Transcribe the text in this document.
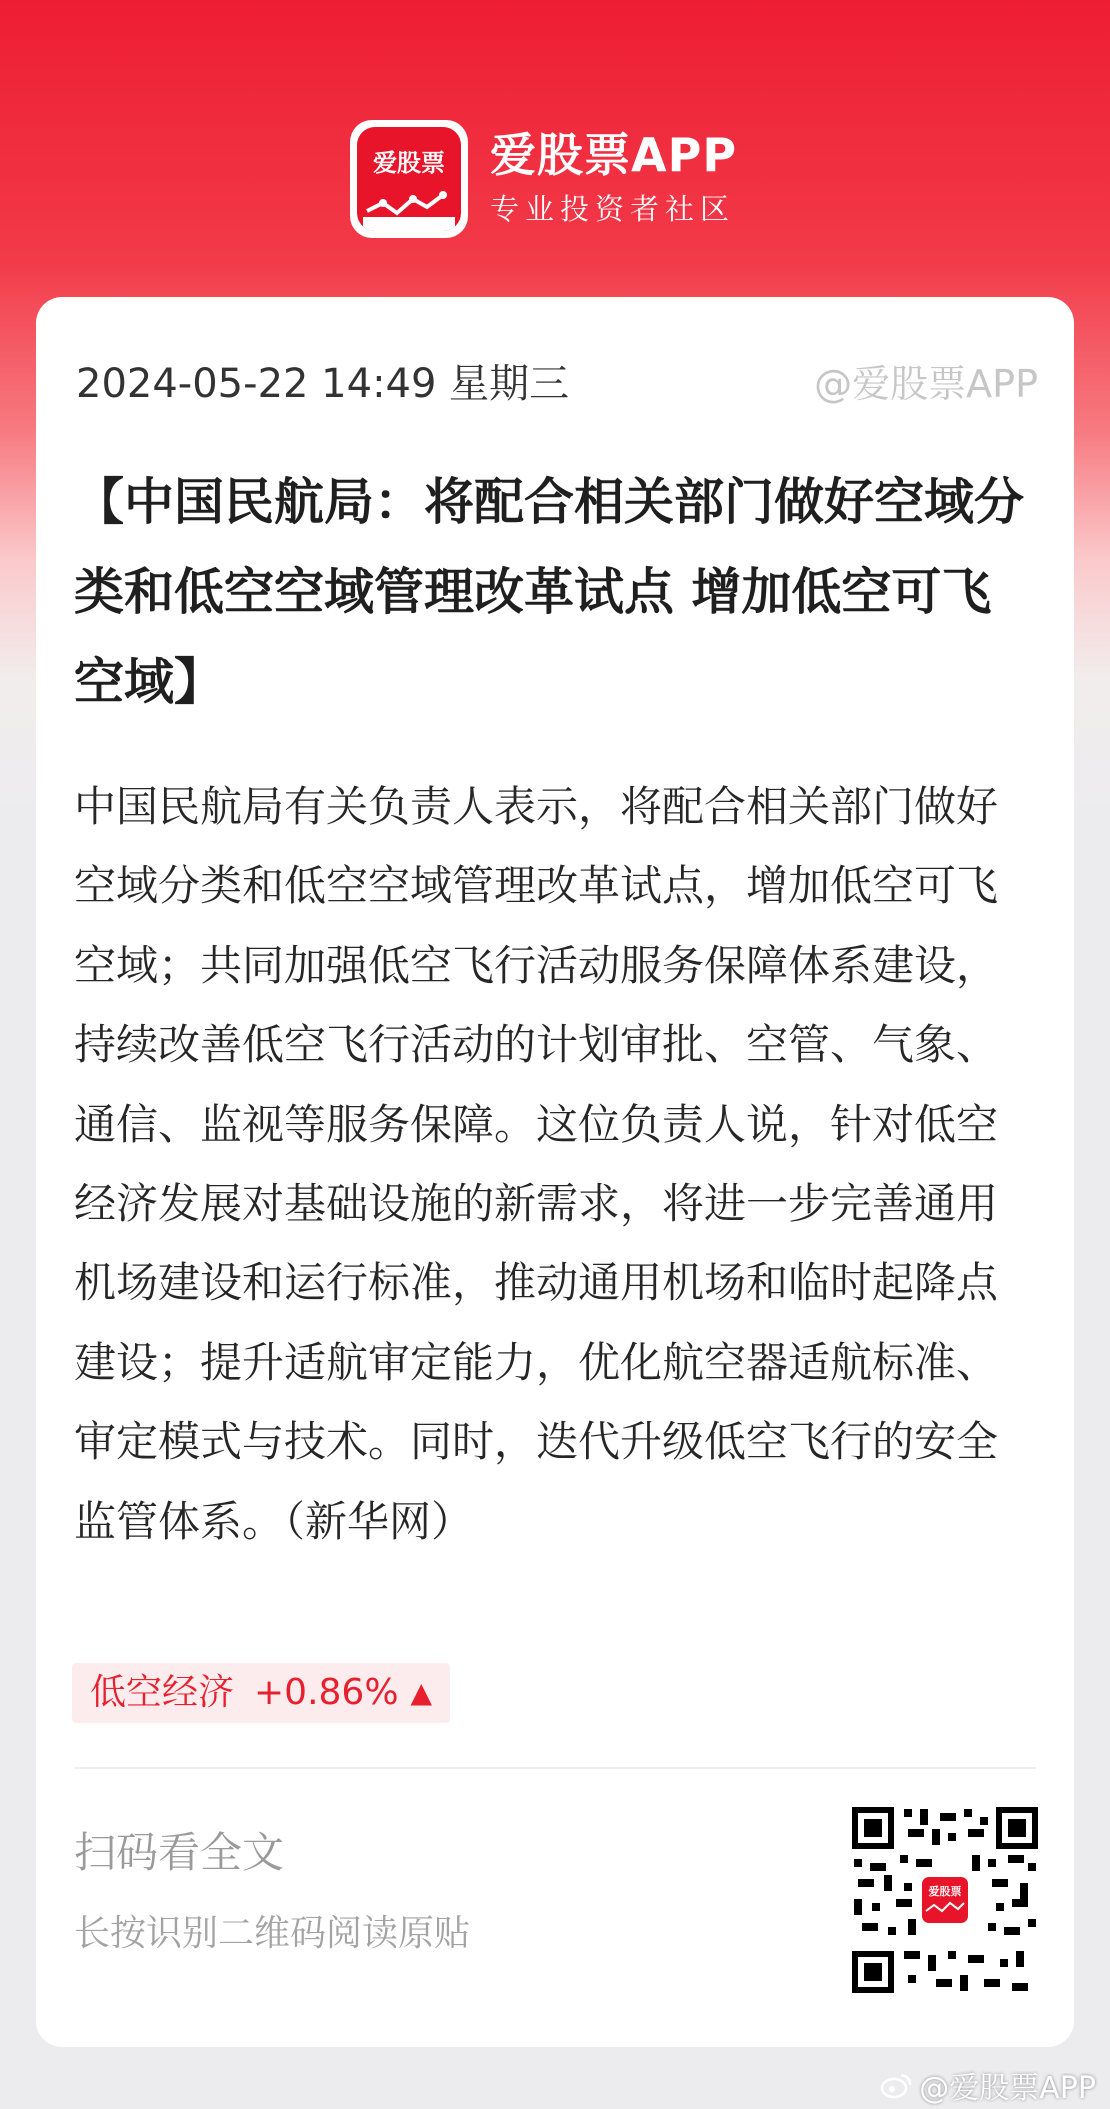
爱股票 爱股票APP
专业投资者社区
2024-05-22 14:49 星期三	@爱股票APP
【中国民航局：将配合相关部门做好空域分类和低空空域管理改革试点 增加低空可飞空域】

中国民航局有关负责人表示，将配合相关部门做好空域分类和低空空域管理改革试点，增加低空可飞空域；共同加强低空飞行活动服务保障体系建设，持续改善低空飞行活动的计划审批、空管、气象、通信、监视等服务保障。这位负责人说，针对低空经济发展对基础设施的新需求，将进一步完善通用机场建设和运行标准，推动通用机场和临时起降点建设；提升适航审定能力，优化航空器适航标准、审定模式与技术。同时，迭代升级低空飞行的安全监管体系。（新华网）

低空经济 +0.86% ▲
扫码看全文
长按识别二维码阅读原贴
爱股票
@爱股票APP
